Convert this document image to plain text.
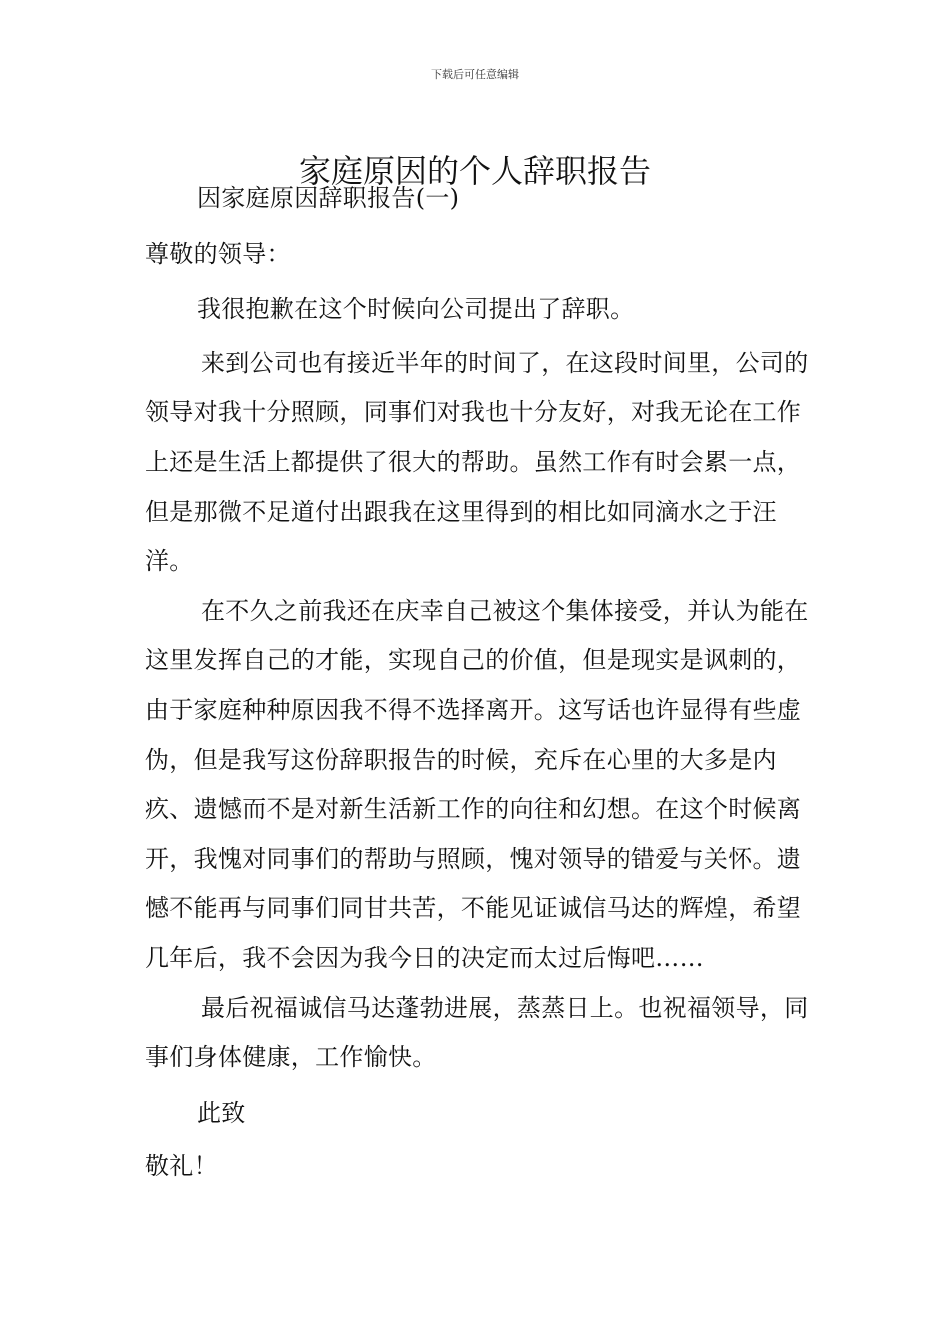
下载后可任意编辑
家庭原因的个人辞职报告

因家庭原因辞职报告(一)

尊敬的领导：

我很抱歉在这个时候向公司提出了辞职。

来到公司也有接近半年的时间了，在这段时间里，公司的领导对我十分照顾，同事们对我也十分友好，对我无论在工作上还是生活上都提供了很大的帮助。虽然工作有时会累一点，但是那微不足道付出跟我在这里得到的相比如同滴水之于汪洋。

在不久之前我还在庆幸自己被这个集体接受，并认为能在这里发挥自己的才能，实现自己的价值，但是现实是讽刺的，由于家庭种种原因我不得不选择离开。这写话也许显得有些虚伪，但是我写这份辞职报告的时候，充斥在心里的大多是内疚、遗憾而不是对新生活新工作的向往和幻想。在这个时候离开，我愧对同事们的帮助与照顾，愧对领导的错爱与关怀。遗憾不能再与同事们同甘共苦，不能见证诚信马达的辉煌，希望几年后，我不会因为我今日的决定而太过后悔吧……

最后祝福诚信马达蓬勃进展，蒸蒸日上。也祝福领导，同事们身体健康，工作愉快。

此致

敬礼！
